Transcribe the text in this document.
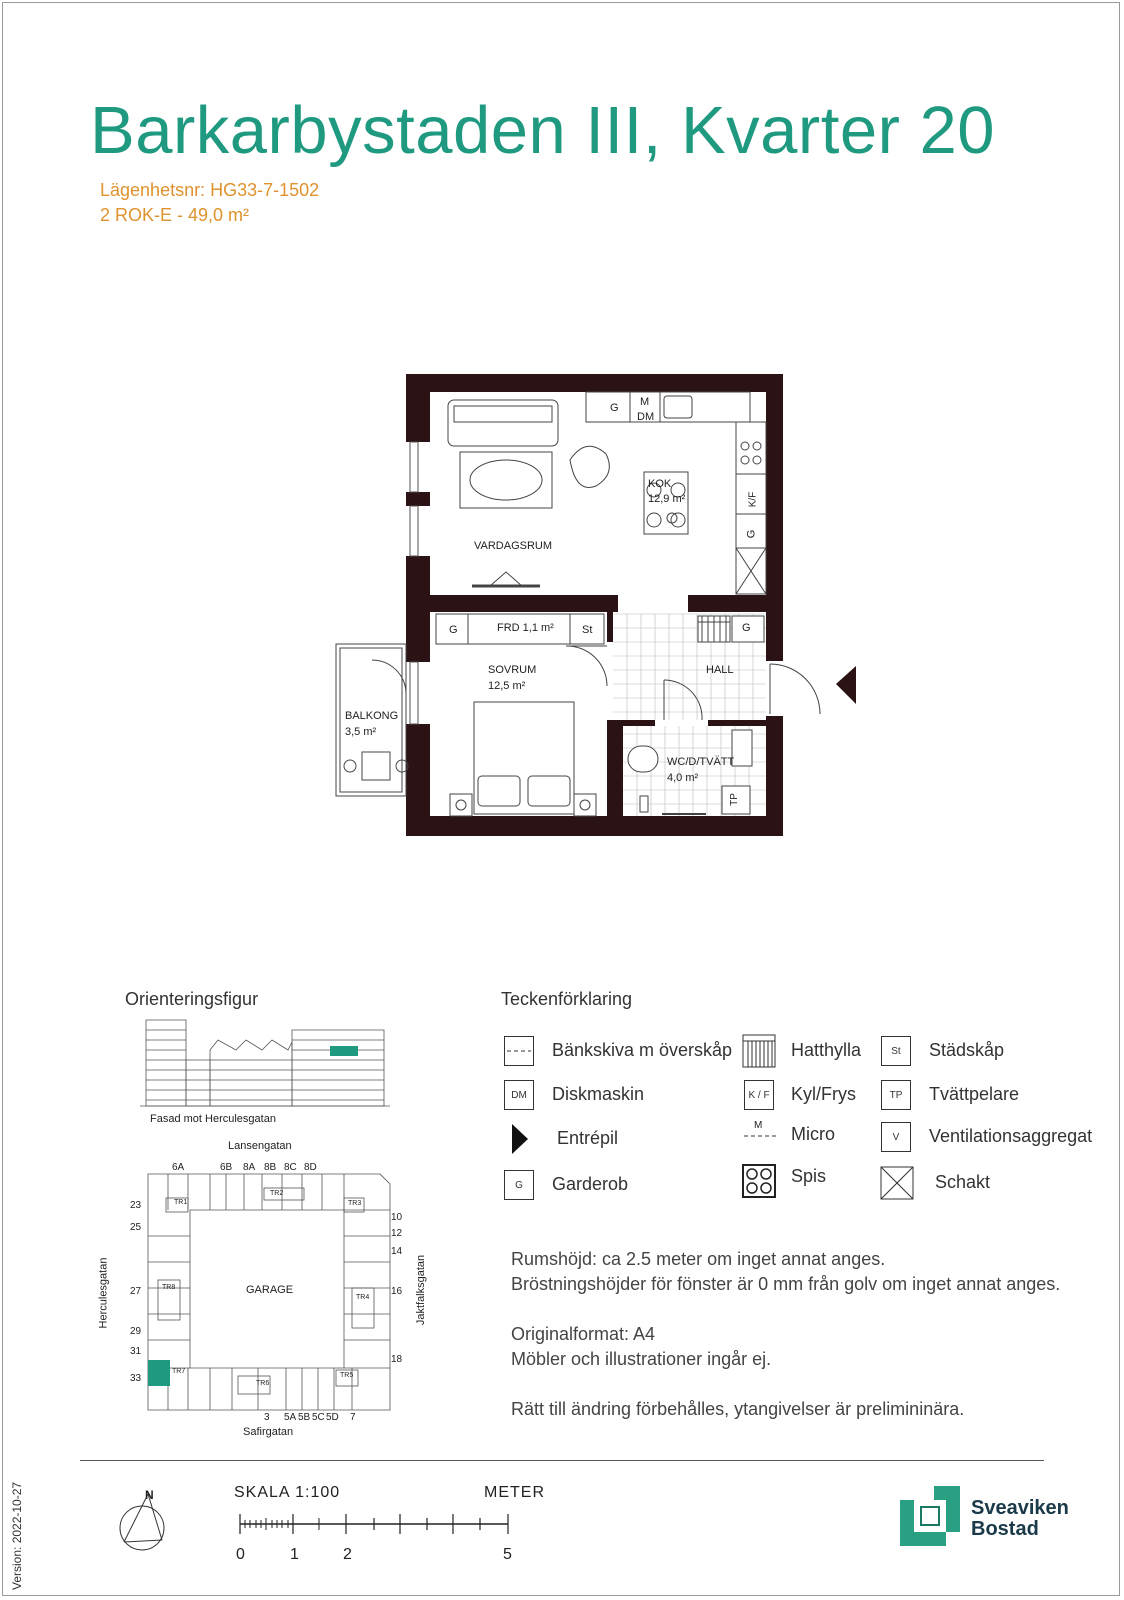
Barkarbystaden III, Kvarter 20
Lägenhetsnr: HG33-7-1502
2 ROK-E - 49,0 m²
G M
DM
K/F
G
KOK
12,9 m²
VARDAGSRUM
G	FRD 1,1 m²	St	G
SOVRUM
12,5 m²
HALL
BALKONG
3,5 m²
WC/D/TVÄTT
4,0 m²
TP
Orienteringsfigur
Fasad mot Herculesgatan
Lansengatan
Safirgatan
Herculesgatan	Jaktfalksgatan
GARAGE
6A	6B 8A 8B 8C 8D
23
25
27
29
31
33
10
12
14
16
18
3 5A 5B 5C 5D 7
TR1
TR2
TR3
TR4
TR5
TR6
TR7
TR8
Teckenförklaring
Bänkskiva m överskåp
DM	Diskmaskin
Entrépil
G	Garderob
Hatthylla
K / F Kyl/Frys
M Micro
Spis
St	Städskåp
TP	Tvättpelare
V	Ventilationsaggregat
Schakt
Rumshöjd: ca 2.5 meter om inget annat anges.
Bröstningshöjder för fönster är 0 mm från golv om inget annat anges.
Originalformat: A4
Möbler och illustrationer ingår ej.
Rätt till ändring förbehålles, ytangivelser är prelimininära.
N	SKALA 1:100	METER
0	1	2	5
Sveaviken
Bostad
Version: 2022-10-27
